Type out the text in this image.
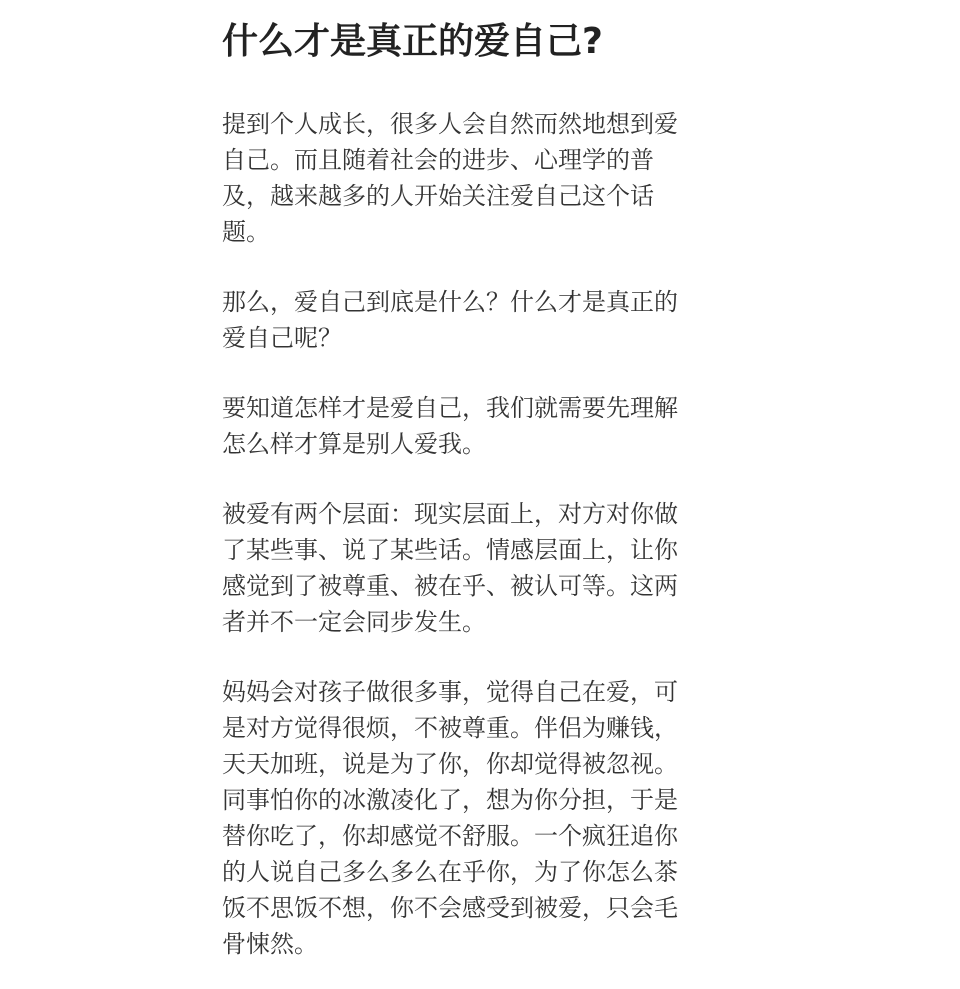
什么才是真正的爱自己?

提到个人成长，很多人会自然而然地想到爱
自己。而且随着社会的进步、心理学的普
及，越来越多的人开始关注爱自己这个话
题。

那么，爱自己到底是什么？什么才是真正的
爱自己呢？

要知道怎样才是爱自己，我们就需要先理解
怎么样才算是别人爱我。

被爱有两个层面：现实层面上，对方对你做
了某些事、说了某些话。情感层面上，让你
感觉到了被尊重、被在乎、被认可等。这两
者并不一定会同步发生。

妈妈会对孩子做很多事，觉得自己在爱，可
是对方觉得很烦，不被尊重。伴侣为赚钱，
天天加班，说是为了你，你却觉得被忽视。
同事怕你的冰激凌化了，想为你分担，于是
替你吃了，你却感觉不舒服。一个疯狂追你
的人说自己多么多么在乎你，为了你怎么茶
饭不思饭不想，你不会感受到被爱，只会毛
骨悚然。
